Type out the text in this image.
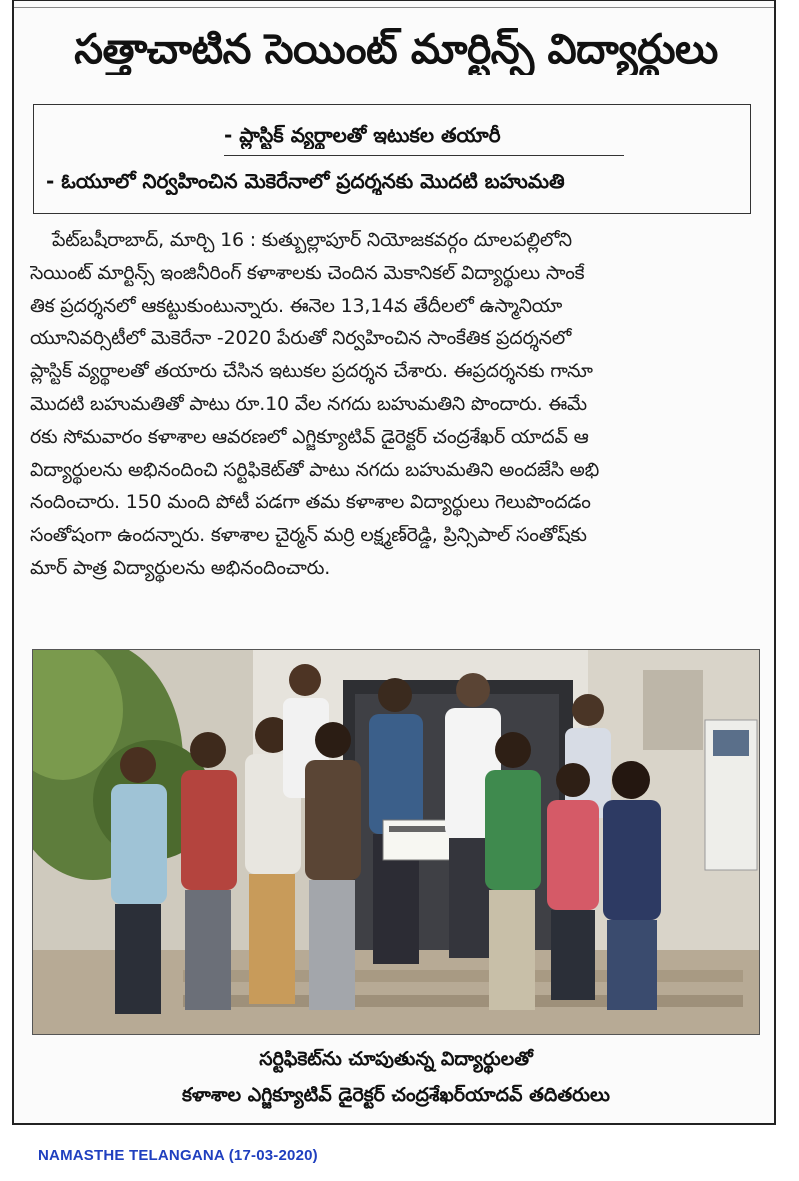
సత్తాచాటిన సెయింట్ మార్టిన్స్ విద్యార్థులు
- ప్లాస్టిక్ వ్యర్థాలతో ఇటుకల తయారీ
- ఓయూలో నిర్వహించిన మెకెరేనాలో ప్రదర్శనకు మొదటి బహుమతి
పేట్‌బషీరాబాద్, మార్చి 16 : కుత్బుల్లాపూర్ నియోజకవర్గం దూలపల్లిలోని
సెయింట్ మార్టిన్స్ ఇంజినీరింగ్ కళాశాలకు చెందిన మెకానికల్ విద్యార్థులు సాంకే
తిక ప్రదర్శనలో ఆకట్టుకుంటున్నారు. ఈనెల 13,14వ తేదీలలో ఉస్మానియా
యూనివర్సిటీలో మెకెరేనా -2020 పేరుతో నిర్వహించిన సాంకేతిక ప్రదర్శనలో
ప్లాస్టిక్ వ్యర్థాలతో తయారు చేసిన ఇటుకల ప్రదర్శన చేశారు. ఈప్రదర్శనకు గానూ
మొదటి బహుమతితో పాటు రూ.10 వేల నగదు బహుమతిని పొందారు. ఈమే
రకు సోమవారం కళాశాల ఆవరణలో ఎగ్జిక్యూటివ్ డైరెక్టర్ చంద్రశేఖర్ యాదవ్ ఆ
విద్యార్థులను అభినందించి సర్టిఫికెట్‌తో పాటు నగదు బహుమతిని అందజేసి అభి
నందించారు. 150 మంది పోటీ పడగా తమ కళాశాల విద్యార్థులు గెలుపొందడం
సంతోషంగా ఉందన్నారు. కళాశాల చైర్మన్ మర్రి లక్ష్మణ్‌రెడ్డి, ప్రిన్సిపాల్ సంతోష్‌కు
మార్ పాత్ర విద్యార్థులను అభినందించారు.
సర్టిఫికెట్‌ను చూపుతున్న విద్యార్థులతో
కళాశాల ఎగ్జిక్యూటివ్ డైరెక్టర్ చంద్రశేఖర్‌యాదవ్ తదితరులు
NAMASTHE TELANGANA (17-03-2020)
